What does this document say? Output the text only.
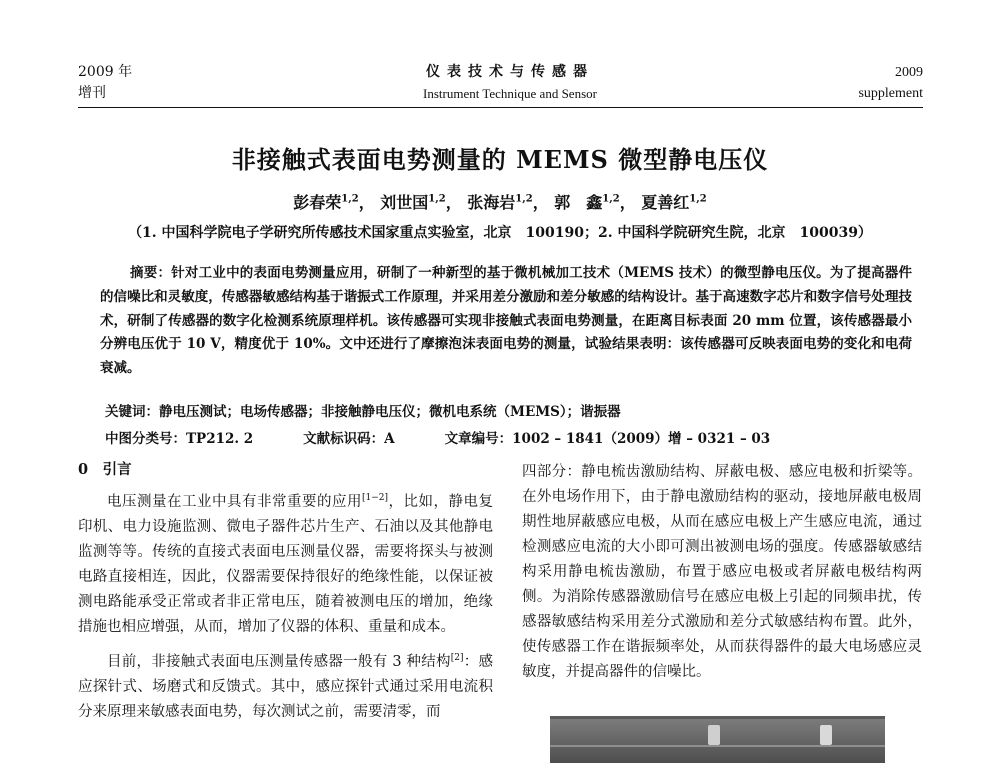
2009 年
增刊
仪表技术与传感器
Instrument Technique and Sensor
2009
supplement
非接触式表面电势测量的 MEMS 微型静电压仪
彭春荣$^{1,2}$， 刘世国$^{1,2}$， 张海岩$^{1,2}$， 郭　鑫$^{1,2}$， 夏善红$^{1,2}$
（1. 中国科学院电子学研究所传感技术国家重点实验室，北京　100190；2. 中国科学院研究生院，北京　100039）
摘要：针对工业中的表面电势测量应用，研制了一种新型的基于微机械加工技术（MEMS 技术）的微型静电压仪。为了提高器件的信噪比和灵敏度，传感器敏感结构基于谐振式工作原理，并采用差分激励和差分敏感的结构设计。基于高速数字芯片和数字信号处理技术，研制了传感器的数字化检测系统原理样机。该传感器可实现非接触式表面电势测量，在距离目标表面 20 mm 位置，该传感器最小分辨电压优于 10 V，精度优于 10%。文中还进行了摩擦泡沫表面电势的测量，试验结果表明：该传感器可反映表面电势的变化和电荷衰减。
关键词：静电压测试；电场传感器；非接触静电压仪；微机电系统（MEMS）；谐振器
中图分类号：TP212. 2	文献标识码：A	文章编号：1002 – 1841（2009）增 – 0321 – 03
0　引言

电压测量在工业中具有非常重要的应用[1−2]，比如，静电复印机、电力设施监测、微电子器件芯片生产、石油以及其他静电监测等等。传统的直接式表面电压测量仪器，需要将探头与被测电路直接相连，因此，仪器需要保持很好的绝缘性能，以保证被测电路能承受正常或者非正常电压，随着被测电压的增加，绝缘措施也相应增强，从而，增加了仪器的体积、重量和成本。

目前，非接触式表面电压测量传感器一般有 3 种结构[2]：感应探针式、场磨式和反馈式。其中，感应探针式通过采用电流积分来原理来敏感表面电势，每次测试之前，需要清零，而

四部分：静电梳齿激励结构、屏蔽电极、感应电极和折梁等。在外电场作用下，由于静电激励结构的驱动，接地屏蔽电极周期性地屏蔽感应电极，从而在感应电极上产生感应电流，通过检测感应电流的大小即可测出被测电场的强度。传感器敏感结构采用静电梳齿激励，布置于感应电极或者屏蔽电极结构两侧。为消除传感器激励信号在感应电极上引起的同频串扰，传感器敏感结构采用差分式激励和差分式敏感结构布置。此外，使传感器工作在谐振频率处，从而获得器件的最大电场感应灵敏度，并提高器件的信噪比。
